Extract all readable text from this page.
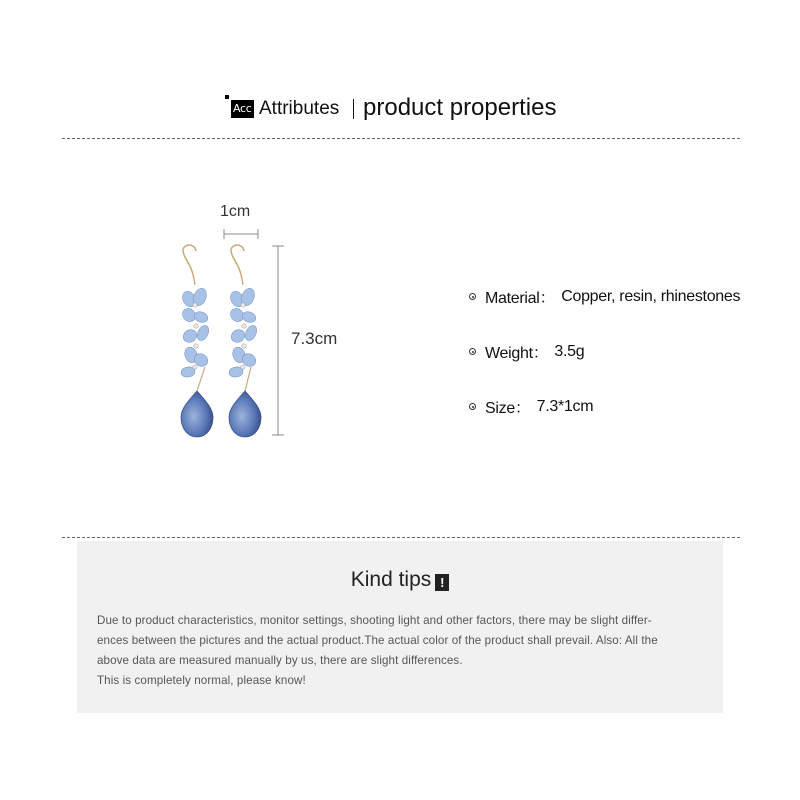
Acc Attributes product properties
1cm
7.3cm
Material： Copper, resin, rhinestones
Weight： 3.5g
Size： 7.3*1cm
Kind tips !

Due to product characteristics, monitor settings, shooting light and other factors, there may be slight differ-

ences between the pictures and the actual product.The actual color of the product shall prevail. Also: All the

above data are measured manually by us, there are slight differences.

This is completely normal, please know!
